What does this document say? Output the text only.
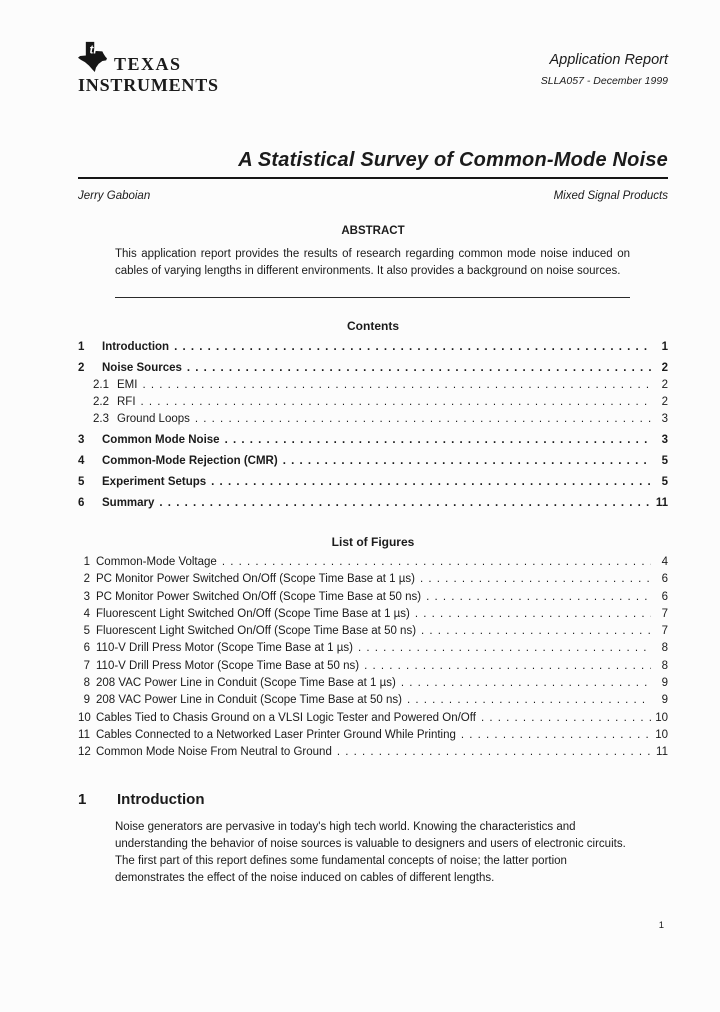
ti
TEXAS
INSTRUMENTS
Application Report
SLLA057 - December 1999
A Statistical Survey of Common-Mode Noise
Jerry Gaboian	Mixed Signal Products
ABSTRACT
This application report provides the results of research regarding common mode noise induced on cables of varying lengths in different environments. It also provides a background on noise sources.
Contents
1	Introduction . . .	1
2	Noise Sources . . .	2
2.1 EMI . . .	2
2.2 RFI . . .	2
2.3 Ground Loops . . .	3
3	Common Mode Noise . . .	3
4	Common-Mode Rejection (CMR) . . .	5
5	Experiment Setups . . .	5
6	Summary . . .	11
List of Figures
1 Common-Mode Voltage . . .	4
2 PC Monitor Power Switched On/Off (Scope Time Base at 1 µs) . . .	6
3 PC Monitor Power Switched On/Off (Scope Time Base at 50 ns) . . .	6
4 Fluorescent Light Switched On/Off (Scope Time Base at 1 µs) . . .	7
5 Fluorescent Light Switched On/Off (Scope Time Base at 50 ns) . . .	7
6 110-V Drill Press Motor (Scope Time Base at 1 µs) . . .	8
7 110-V Drill Press Motor (Scope Time Base at 50 ns) . . .	8
8 208 VAC Power Line in Conduit (Scope Time Base at 1 µs) . . .	9
9 208 VAC Power Line in Conduit (Scope Time Base at 50 ns) . . .	9
10 Cables Tied to Chasis Ground on a VLSI Logic Tester and Powered On/Off . . .	10
11 Cables Connected to a Networked Laser Printer Ground While Printing . . .	10
12 Common Mode Noise From Neutral to Ground . . .	11
1	Introduction
Noise generators are pervasive in today's high tech world. Knowing the characteristics and understanding the behavior of noise sources is valuable to designers and users of electronic circuits. The first part of this report defines some fundamental concepts of noise; the latter portion demonstrates the effect of the noise induced on cables of different lengths.
1
